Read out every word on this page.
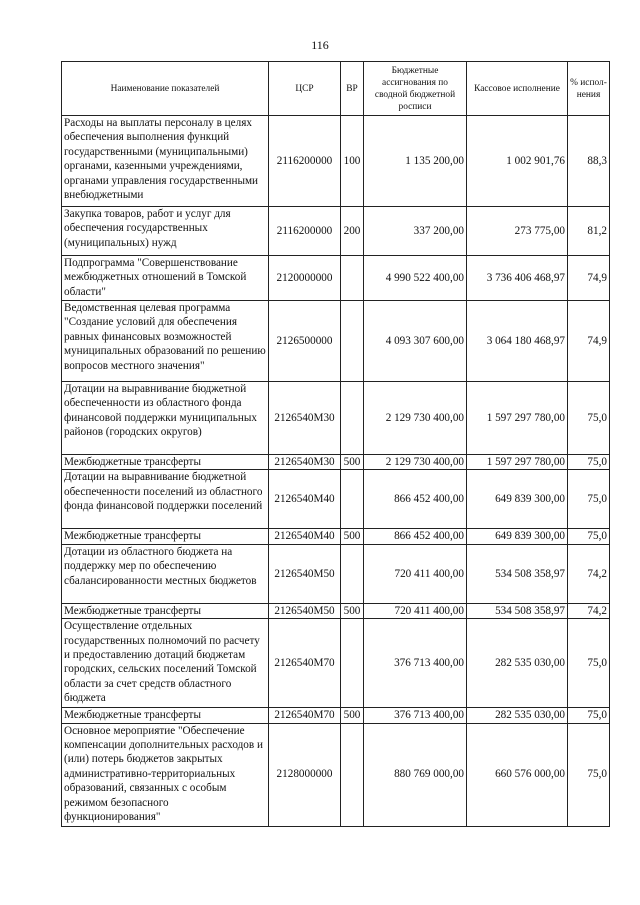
116
Наименование показателей	ЦСР	ВР	Бюджетные ассигнования по сводной бюджетной росписи	Кассовое исполнение	% испол-нения
Расходы на выплаты персоналу в целях обеспечения выполнения функций государственными (муниципальными) органами, казенными учреждениями, органами управления государственными внебюджетными	2116200000	100	1 135 200,00	1 002 901,76	88,3
Закупка товаров, работ и услуг для обеспечения государственных (муниципальных) нужд	2116200000	200	337 200,00	273 775,00	81,2
Подпрограмма "Совершенствование межбюджетных отношений в Томской области"	2120000000		4 990 522 400,00	3 736 406 468,97	74,9
Ведомственная целевая программа "Создание условий для обеспечения равных финансовых возможностей муниципальных образований по решению вопросов местного значения"	2126500000		4 093 307 600,00	3 064 180 468,97	74,9
Дотации на выравнивание бюджетной обеспеченности из областного фонда финансовой поддержки муниципальных районов (городских округов)	2126540М30		2 129 730 400,00	1 597 297 780,00	75,0
Межбюджетные трансферты	2126540М30	500	2 129 730 400,00	1 597 297 780,00	75,0
Дотации на выравнивание бюджетной обеспеченности поселений из областного фонда финансовой поддержки поселений	2126540М40		866 452 400,00	649 839 300,00	75,0
Межбюджетные трансферты	2126540М40	500	866 452 400,00	649 839 300,00	75,0
Дотации из областного бюджета на поддержку мер по обеспечению сбалансированности местных бюджетов	2126540М50		720 411 400,00	534 508 358,97	74,2
Межбюджетные трансферты	2126540М50	500	720 411 400,00	534 508 358,97	74,2
Осуществление отдельных государственных полномочий по расчету и предоставлению дотаций бюджетам городских, сельских поселений Томской области за счет средств областного бюджета	2126540М70		376 713 400,00	282 535 030,00	75,0
Межбюджетные трансферты	2126540М70	500	376 713 400,00	282 535 030,00	75,0
Основное мероприятие "Обеспечение компенсации дополнительных расходов и (или) потерь бюджетов закрытых административно-территориальных образований, связанных с особым режимом безопасного функционирования"	2128000000		880 769 000,00	660 576 000,00	75,0
